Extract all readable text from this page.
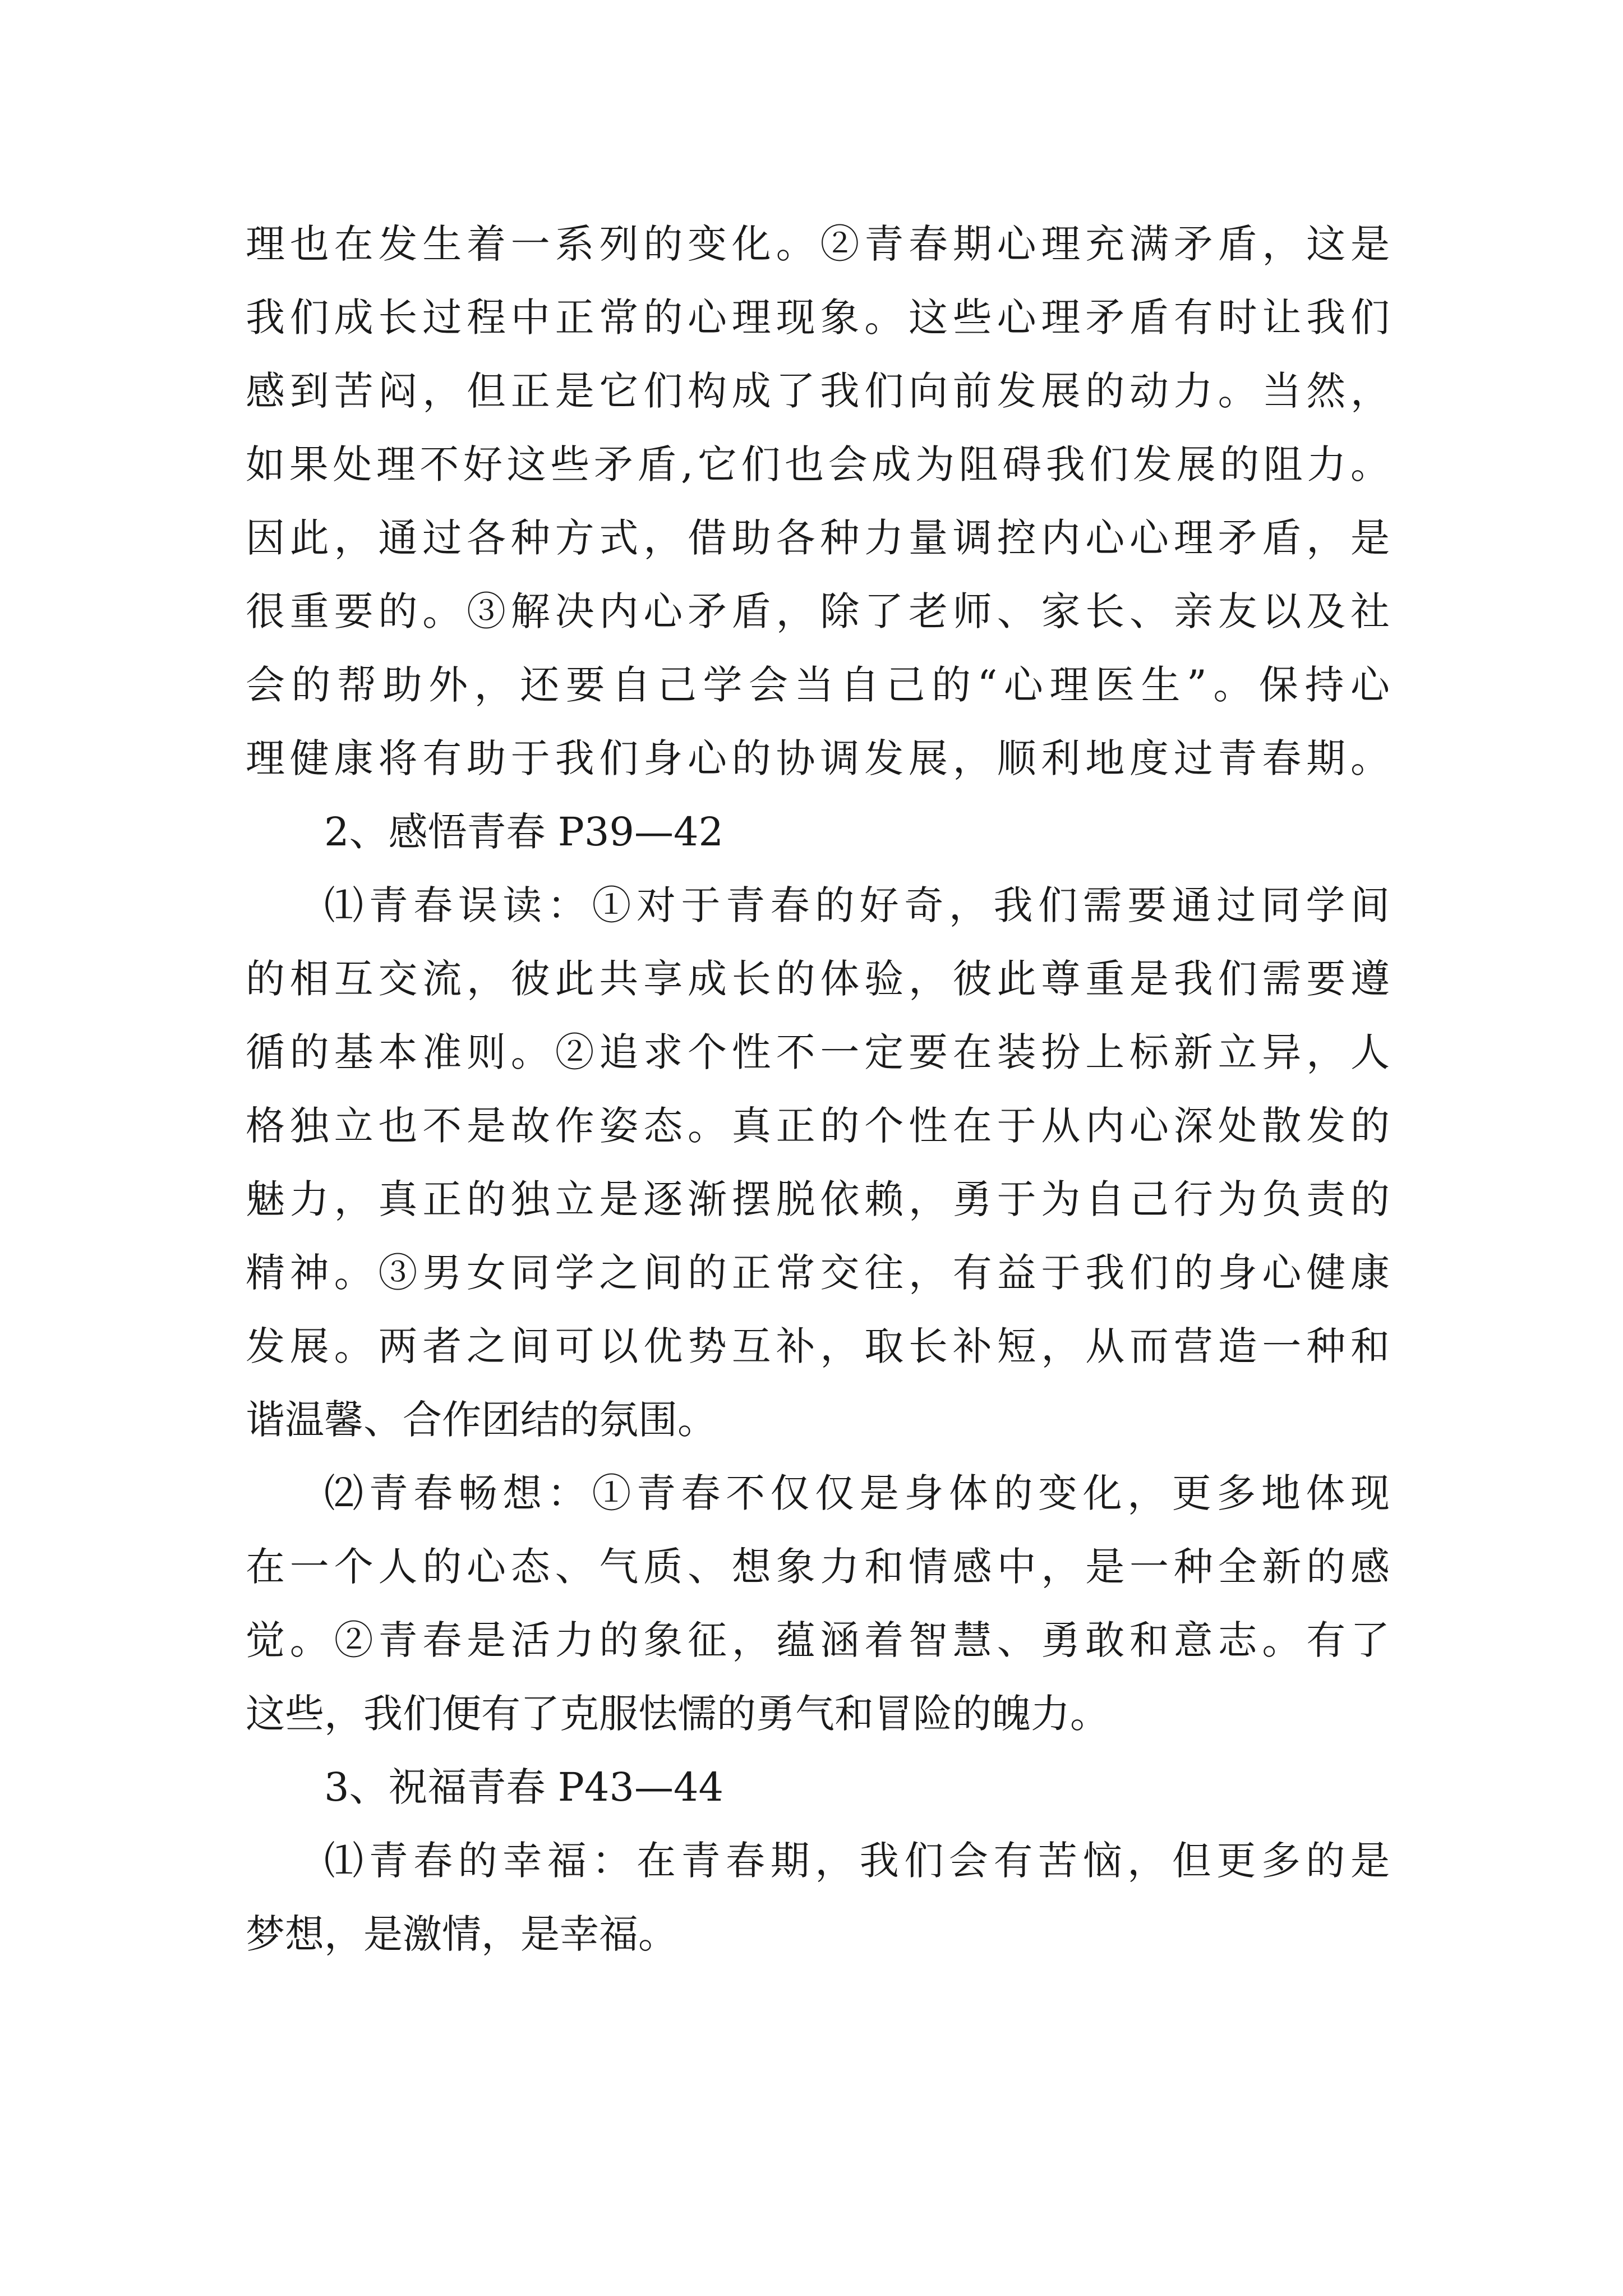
理也在发生着一系列的变化。②青春期心理充满矛盾，这是
我们成长过程中正常的心理现象。这些心理矛盾有时让我们
感到苦闷，但正是它们构成了我们向前发展的动力。当然，
如果处理不好这些矛盾,它们也会成为阻碍我们发展的阻力。
因此，通过各种方式，借助各种力量调控内心心理矛盾，是
很重要的。③解决内心矛盾，除了老师、家长、亲友以及社
会的帮助外，还要自己学会当自己的“心理医生”。保持心
理健康将有助于我们身心的协调发展，顺利地度过青春期。
2、感悟青春 P39—42
⑴青春误读：①对于青春的好奇，我们需要通过同学间
的相互交流，彼此共享成长的体验，彼此尊重是我们需要遵
循的基本准则。②追求个性不一定要在装扮上标新立异，人
格独立也不是故作姿态。真正的个性在于从内心深处散发的
魅力，真正的独立是逐渐摆脱依赖，勇于为自己行为负责的
精神。③男女同学之间的正常交往，有益于我们的身心健康
发展。两者之间可以优势互补，取长补短，从而营造一种和
谐温馨、合作团结的氛围。
⑵青春畅想：①青春不仅仅是身体的变化，更多地体现
在一个人的心态、气质、想象力和情感中，是一种全新的感
觉。②青春是活力的象征，蕴涵着智慧、勇敢和意志。有了
这些，我们便有了克服怯懦的勇气和冒险的魄力。
3、祝福青春 P43—44
⑴青春的幸福：在青春期，我们会有苦恼，但更多的是
梦想，是激情，是幸福。
